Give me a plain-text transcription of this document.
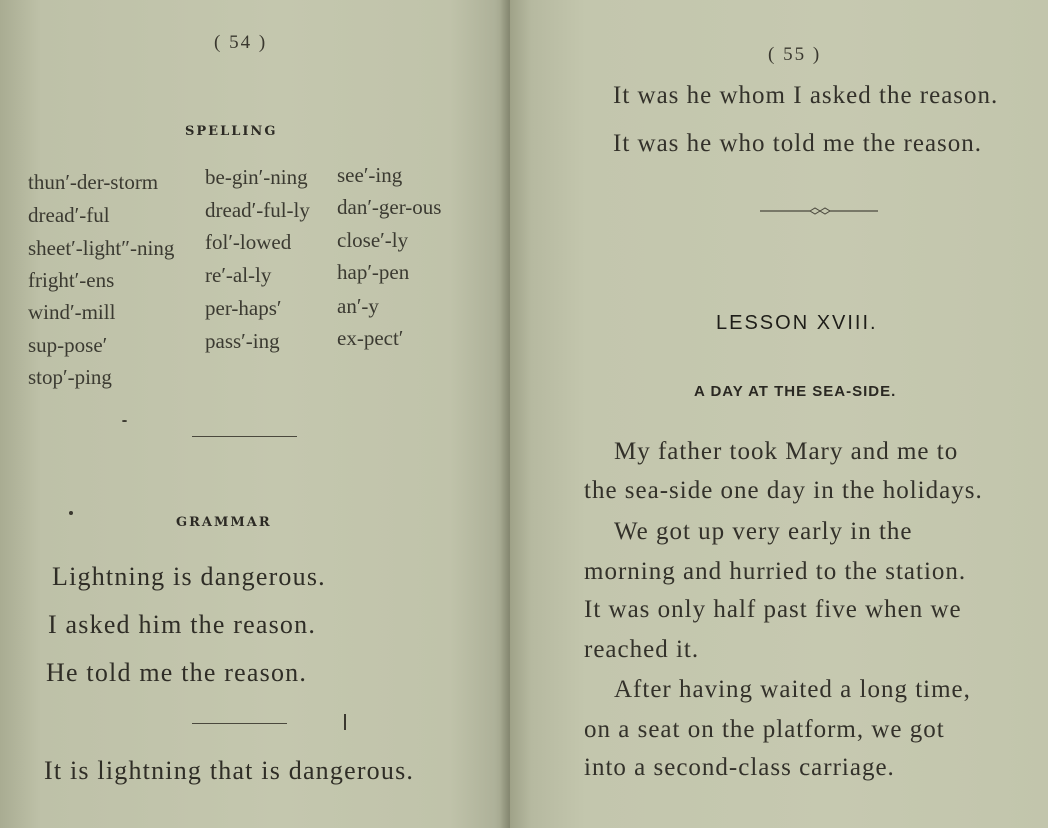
( 54 )
SPELLING
thun′-der-storm
dread′-ful
sheet′-light″-ning
fright′-ens
wind′-mill
sup-pose′
stop′-ping
be-gin′-ning
dread′-ful-ly
fol′-lowed
re′-al-ly
per-haps′
pass′-ing
see′-ing
dan′-ger-ous
close′-ly
hap′-pen
an′-y
ex-pect′
GRAMMAR
Lightning is dangerous.
I asked him the reason.
He told me the reason.
It is lightning that is dangerous.
( 55 )
It was he whom I asked the reason.
It was he who told me the reason.
LESSON XVIII.
A DAY AT THE SEA-SIDE.
My father took Mary and me to
the sea-side one day in the holidays.
We got up very early in the
morning and hurried to the station.
It was only half past five when we
reached it.
After having waited a long time,
on a seat on the platform, we got
into a second-class carriage.
